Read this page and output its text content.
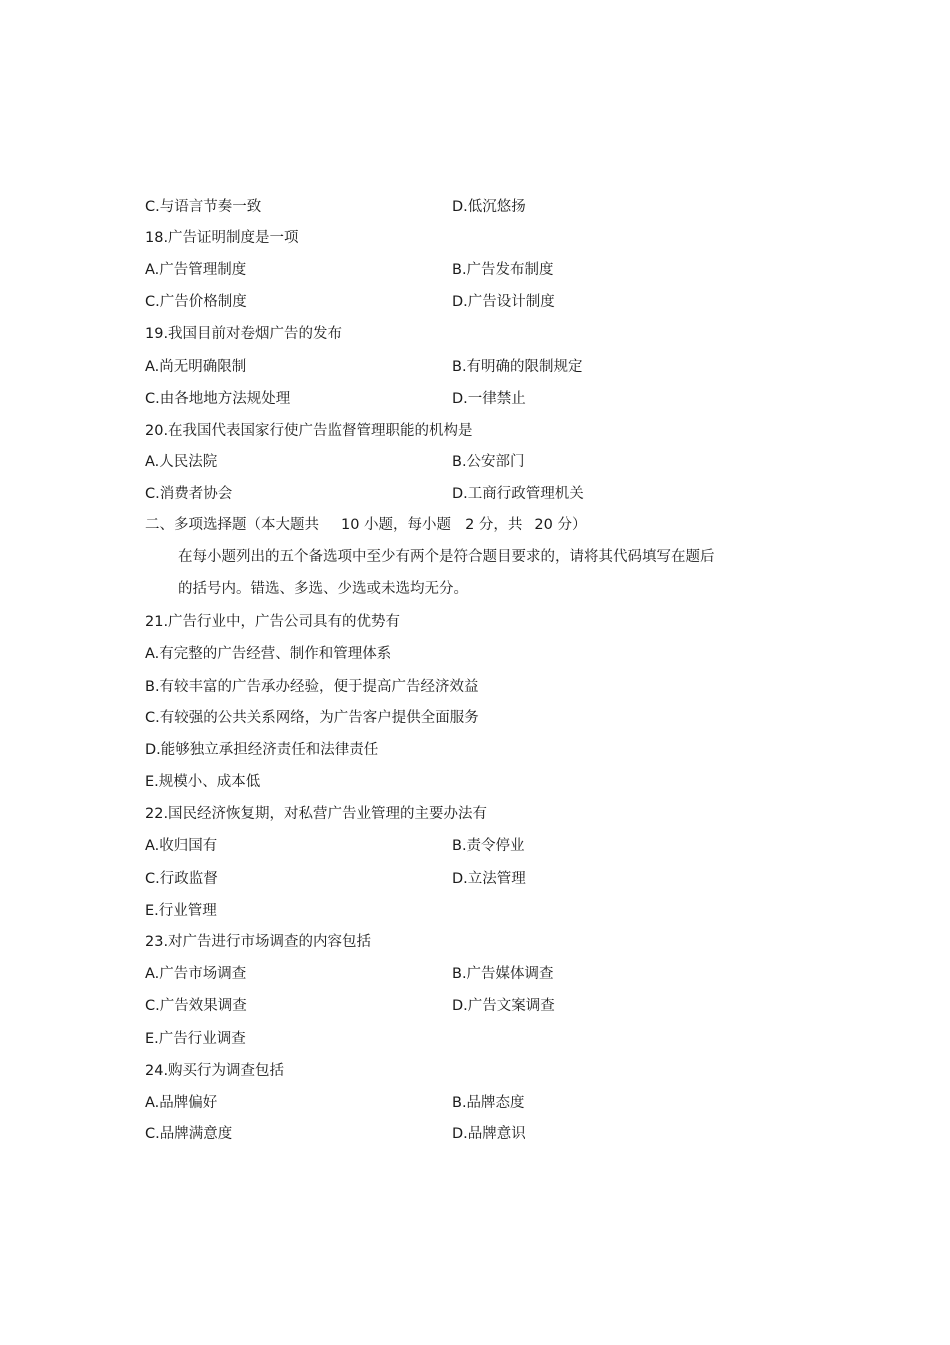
C.与语言节奏一致	D.低沉悠扬
18.广告证明制度是一项
A.广告管理制度	B.广告发布制度
C.广告价格制度	D.广告设计制度
19.我国目前对卷烟广告的发布
A.尚无明确限制	B.有明确的限制规定
C.由各地地方法规处理	D.一律禁止
20.在我国代表国家行使广告监督管理职能的机构是
A.人民法院	B.公安部门
C.消费者协会	D.工商行政管理机关
二、多项选择题（本大题共 10 小题，每小题 2 分，共 20 分）
在每小题列出的五个备选项中至少有两个是符合题目要求的，请将其代码填写在题后
的括号内。错选、多选、少选或未选均无分。
21.广告行业中，广告公司具有的优势有
A.有完整的广告经营、制作和管理体系
B.有较丰富的广告承办经验，便于提高广告经济效益
C.有较强的公共关系网络，为广告客户提供全面服务
D.能够独立承担经济责任和法律责任
E.规模小、成本低
22.国民经济恢复期，对私营广告业管理的主要办法有
A.收归国有	B.责令停业
C.行政监督	D.立法管理
E.行业管理
23.对广告进行市场调查的内容包括
A.广告市场调查	B.广告媒体调查
C.广告效果调查	D.广告文案调查
E.广告行业调查
24.购买行为调查包括
A.品牌偏好	B.品牌态度
C.品牌满意度	D.品牌意识
